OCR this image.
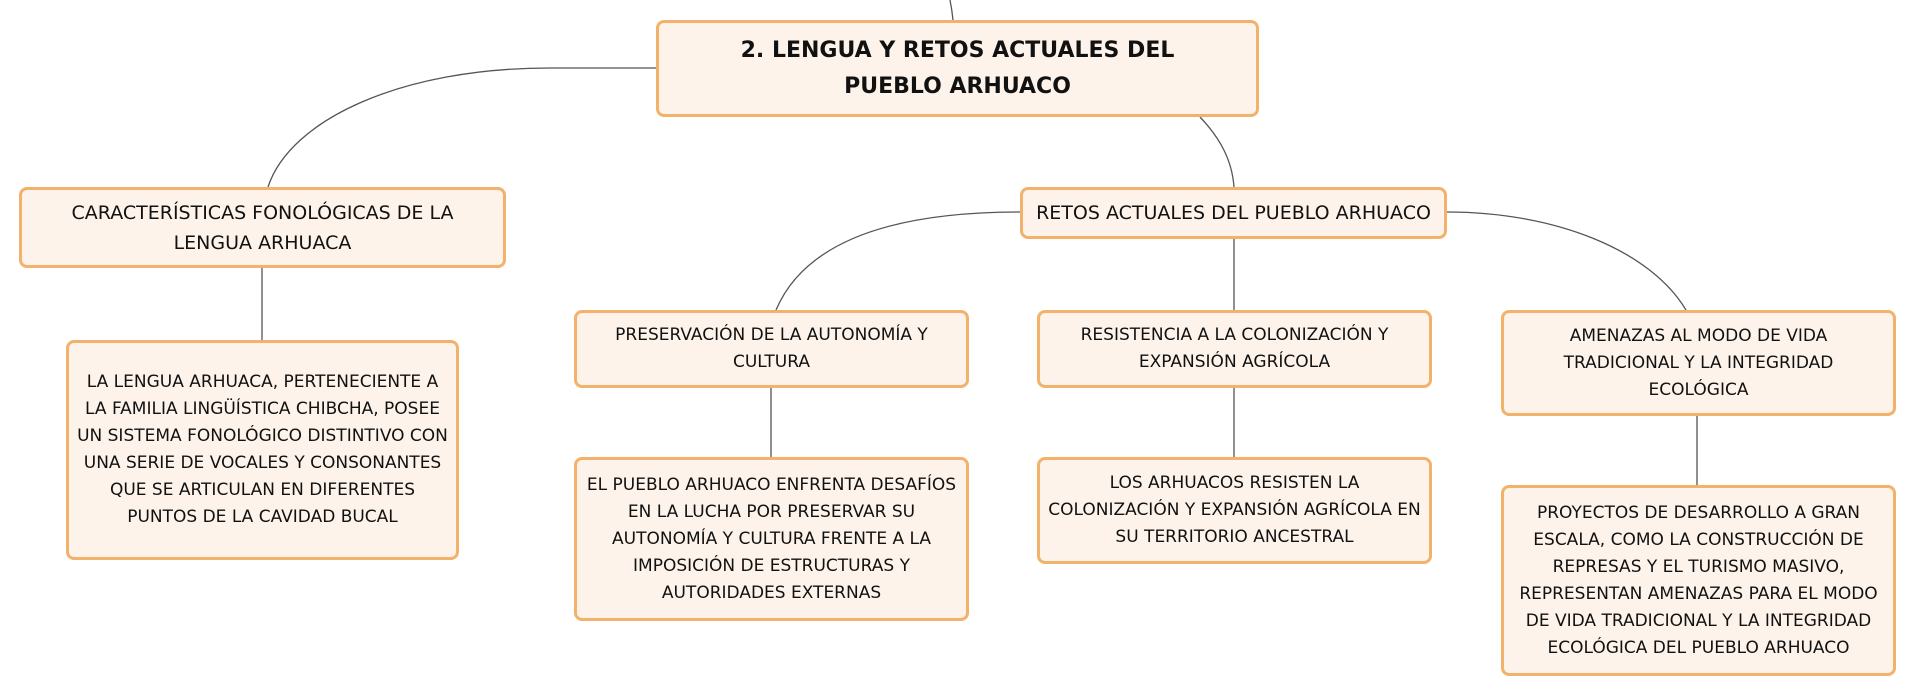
2. LENGUA Y RETOS ACTUALES DEL PUEBLO ARHUACO
CARACTERÍSTICAS FONOLÓGICAS DE LA LENGUA ARHUACA
LA LENGUA ARHUACA, PERTENECIENTE A LA FAMILIA LINGÜÍSTICA CHIBCHA, POSEE UN SISTEMA FONOLÓGICO DISTINTIVO CON UNA SERIE DE VOCALES Y CONSONANTES QUE SE ARTICULAN EN DIFERENTES PUNTOS DE LA CAVIDAD BUCAL
RETOS ACTUALES DEL PUEBLO ARHUACO
PRESERVACIÓN DE LA AUTONOMÍA Y CULTURA
RESISTENCIA A LA COLONIZACIÓN Y EXPANSIÓN AGRÍCOLA
AMENAZAS AL MODO DE VIDA TRADICIONAL Y LA INTEGRIDAD ECOLÓGICA
EL PUEBLO ARHUACO ENFRENTA DESAFÍOS EN LA LUCHA POR PRESERVAR SU AUTONOMÍA Y CULTURA FRENTE A LA IMPOSICIÓN DE ESTRUCTURAS Y AUTORIDADES EXTERNAS
LOS ARHUACOS RESISTEN LA COLONIZACIÓN Y EXPANSIÓN AGRÍCOLA EN SU TERRITORIO ANCESTRAL
PROYECTOS DE DESARROLLO A GRAN ESCALA, COMO LA CONSTRUCCIÓN DE REPRESAS Y EL TURISMO MASIVO, REPRESENTAN AMENAZAS PARA EL MODO DE VIDA TRADICIONAL Y LA INTEGRIDAD ECOLÓGICA DEL PUEBLO ARHUACO
